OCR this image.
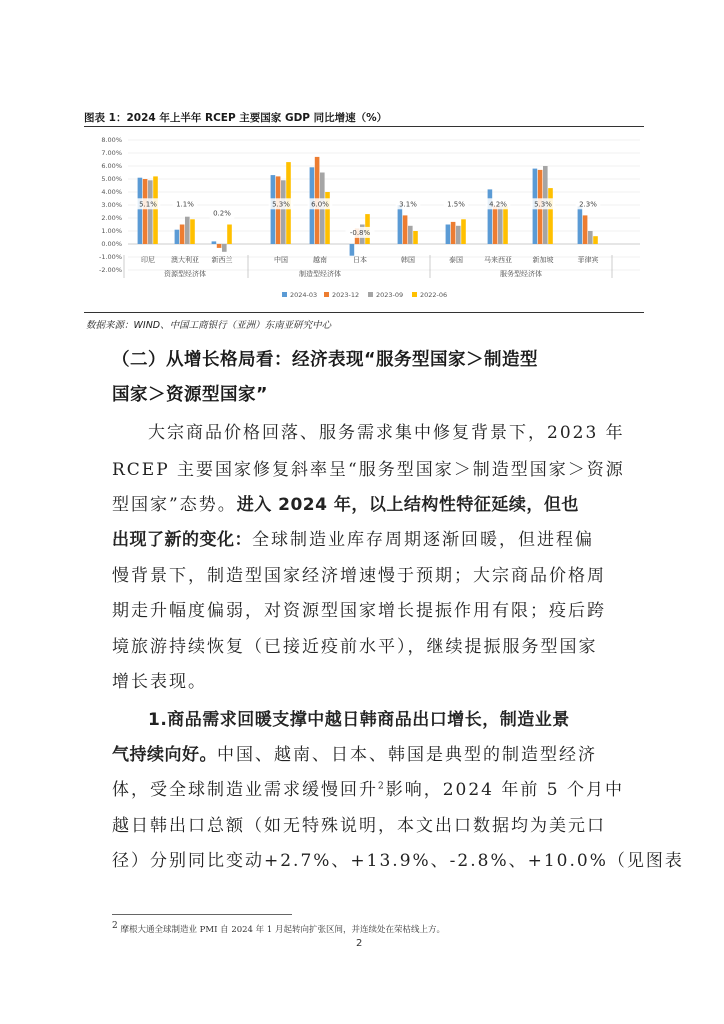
图表 1：2024 年上半年 RCEP 主要国家 GDP 同比增速（%）
-2.00%
-1.00%
0.00%
1.00%
2.00%
3.00%
4.00%
5.00%
6.00%
7.00%
8.00%
5.1%	1.1%
0.2%
5.3%	6.0%
-0.8%
3.1%	1.5%	4.2%	5.3%	2.3%
印尼 澳大利亚 新西兰	中国	越南	日本	韩国	泰国	马来西亚	新加坡	菲律宾
资源型经济体	制造型经济体	服务型经济体
2024-03 2023-12	2023-09	2022-06
数据来源：WIND、中国工商银行（亚洲）东南亚研究中心
（二）从增长格局看：经济表现“服务型国家＞制造型
国家＞资源型国家”
大宗商品价格回落、服务需求集中修复背景下，2023 年
RCEP 主要国家修复斜率呈“服务型国家＞制造型国家＞资源
型国家”态势。进入 2024 年，以上结构性特征延续，但也
出现了新的变化：全球制造业库存周期逐渐回暖，但进程偏
慢背景下，制造型国家经济增速慢于预期；大宗商品价格周
期走升幅度偏弱，对资源型国家增长提振作用有限；疫后跨
境旅游持续恢复（已接近疫前水平），继续提振服务型国家
增长表现。
1.商品需求回暖支撑中越日韩商品出口增长，制造业景
气持续向好。中国、越南、日本、韩国是典型的制造型经济
体，受全球制造业需求缓慢回升$^2$影响，2024 年前 5 个月中
越日韩出口总额（如无特殊说明，本文出口数据均为美元口
径）分别同比变动+2.7%、+13.9%、-2.8%、+10.0%（见图表
$^2$ 摩根大通全球制造业 PMI 自 2024 年 1 月起转向扩张区间，并连续处在荣枯线上方。
2
